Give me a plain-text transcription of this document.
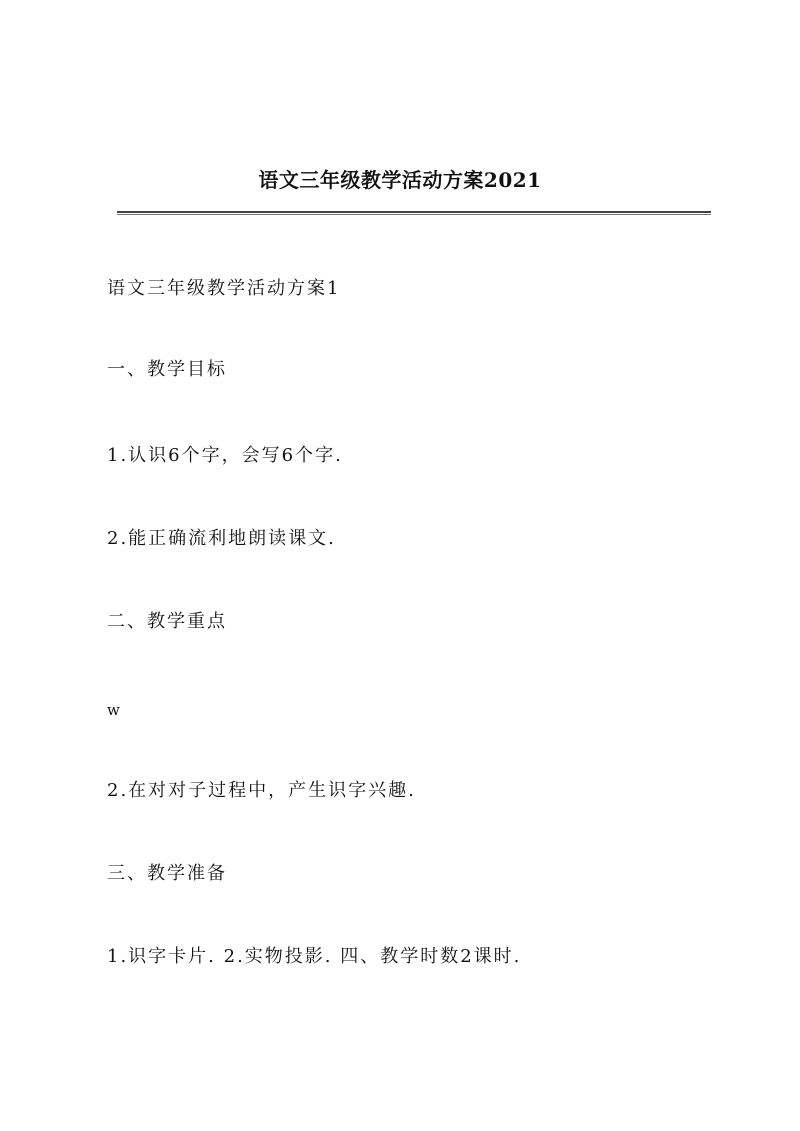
语文三年级教学活动方案2021
语文三年级教学活动方案1
一、教学目标
1.认识6个字，会写6个字.
2.能正确流利地朗读课文.
二、教学重点
w
2.在对对子过程中，产生识字兴趣.
三、教学准备
1.识字卡片. 2.实物投影. 四、教学时数2课时.
